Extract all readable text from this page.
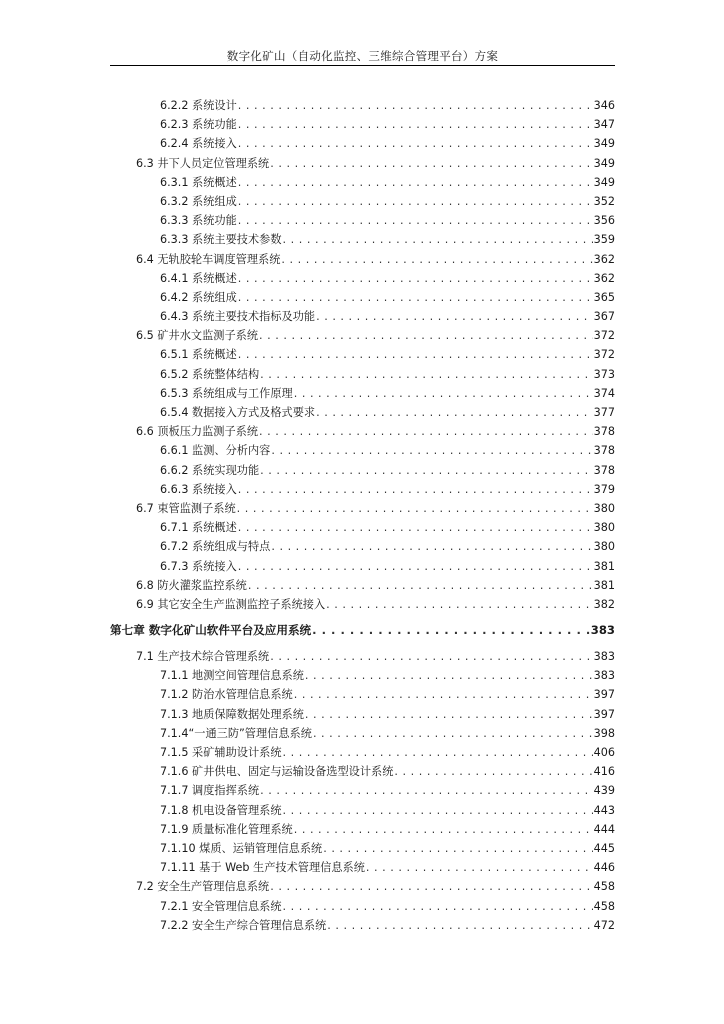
数字化矿山（自动化监控、三维综合管理平台）方案
6.2.2 系统设计 . . .	346
6.2.3 系统功能 . . .	347
6.2.4 系统接入 . . .	349
6.3 井下人员定位管理系统 . . .	349
6.3.1 系统概述 . . .	349
6.3.2 系统组成 . . .	352
6.3.3 系统功能 . . .	356
6.3.3 系统主要技术参数 . . .	359
6.4 无轨胶轮车调度管理系统 . . .	362
6.4.1 系统概述 . . .	362
6.4.2 系统组成 . . .	365
6.4.3 系统主要技术指标及功能 . . .	367
6.5 矿井水文监测子系统 . . .	372
6.5.1 系统概述 . . .	372
6.5.2 系统整体结构 . . .	373
6.5.3 系统组成与工作原理 . . .	374
6.5.4 数据接入方式及格式要求 . . .	377
6.6 顶板压力监测子系统 . . .	378
6.6.1 监测、分析内容 . . .	378
6.6.2 系统实现功能 . . .	378
6.6.3 系统接入 . . .	379
6.7 束管监测子系统 . . .	380
6.7.1 系统概述 . . .	380
6.7.2 系统组成与特点 . . .	380
6.7.3 系统接入 . . .	381
6.8 防火灌浆监控系统 . . .	381
6.9 其它安全生产监测监控子系统接入 . . .	382
第七章 数字化矿山软件平台及应用系统 . . .	383
7.1 生产技术综合管理系统 . . .	383
7.1.1 地测空间管理信息系统 . . .	383
7.1.2 防治水管理信息系统 . . .	397
7.1.3 地质保障数据处理系统 . . .	397
7.1.4“一通三防”管理信息系统 . . .	398
7.1.5 采矿辅助设计系统 . . .	406
7.1.6 矿井供电、固定与运输设备选型设计系统 . . .	416
7.1.7 调度指挥系统 . . .	439
7.1.8 机电设备管理系统 . . .	443
7.1.9 质量标准化管理系统 . . .	444
7.1.10 煤质、运销管理信息系统 . . .	445
7.1.11 基于 Web 生产技术管理信息系统 . . .	446
7.2 安全生产管理信息系统 . . .	458
7.2.1 安全管理信息系统 . . .	458
7.2.2 安全生产综合管理信息系统 . . .	472
